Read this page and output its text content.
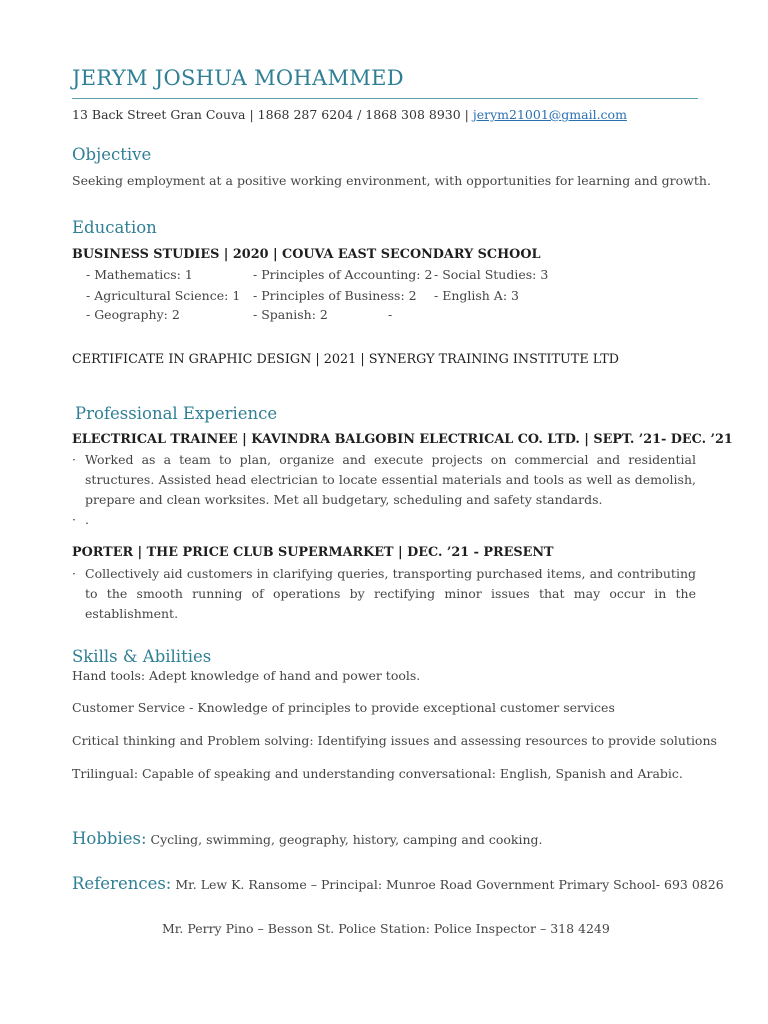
JERYM JOSHUA MOHAMMED
13 Back Street Gran Couva | 1868 287 6204 / 1868 308 8930 | jerym21001@gmail.com
Objective
Seeking employment at a positive working environment, with opportunities for learning and growth.
Education
BUSINESS STUDIES | 2020 | COUVA EAST SECONDARY SCHOOL
- Mathematics: 1	- Principles of Accounting: 2 - Social Studies: 3
- Agricultural Science: 1 - Principles of Business: 2 - English A: 3
- Geography: 2	- Spanish: 2	-
CERTIFICATE IN GRAPHIC DESIGN | 2021 | SYNERGY TRAINING INSTITUTE LTD
Professional Experience
ELECTRICAL TRAINEE | KAVINDRA BALGOBIN ELECTRICAL CO. LTD. | SEPT. ’21- DEC. ’21
· Worked as a team to plan, organize and execute projects on commercial and residential structures. Assisted head electrician to locate essential materials and tools as well as demolish, prepare and clean worksites. Met all budgetary, scheduling and safety standards.
· .
PORTER | THE PRICE CLUB SUPERMARKET | DEC. ’21 - PRESENT
· Collectively aid customers in clarifying queries, transporting purchased items, and contributing to the smooth running of operations by rectifying minor issues that may occur in the establishment.
Skills & Abilities
Hand tools: Adept knowledge of hand and power tools.
Customer Service - Knowledge of principles to provide exceptional customer services
Critical thinking and Problem solving: Identifying issues and assessing resources to provide solutions
Trilingual: Capable of speaking and understanding conversational: English, Spanish and Arabic.
Hobbies: Cycling, swimming, geography, history, camping and cooking.
References: Mr. Lew K. Ransome – Principal: Munroe Road Government Primary School- 693 0826
Mr. Perry Pino – Besson St. Police Station: Police Inspector – 318 4249
